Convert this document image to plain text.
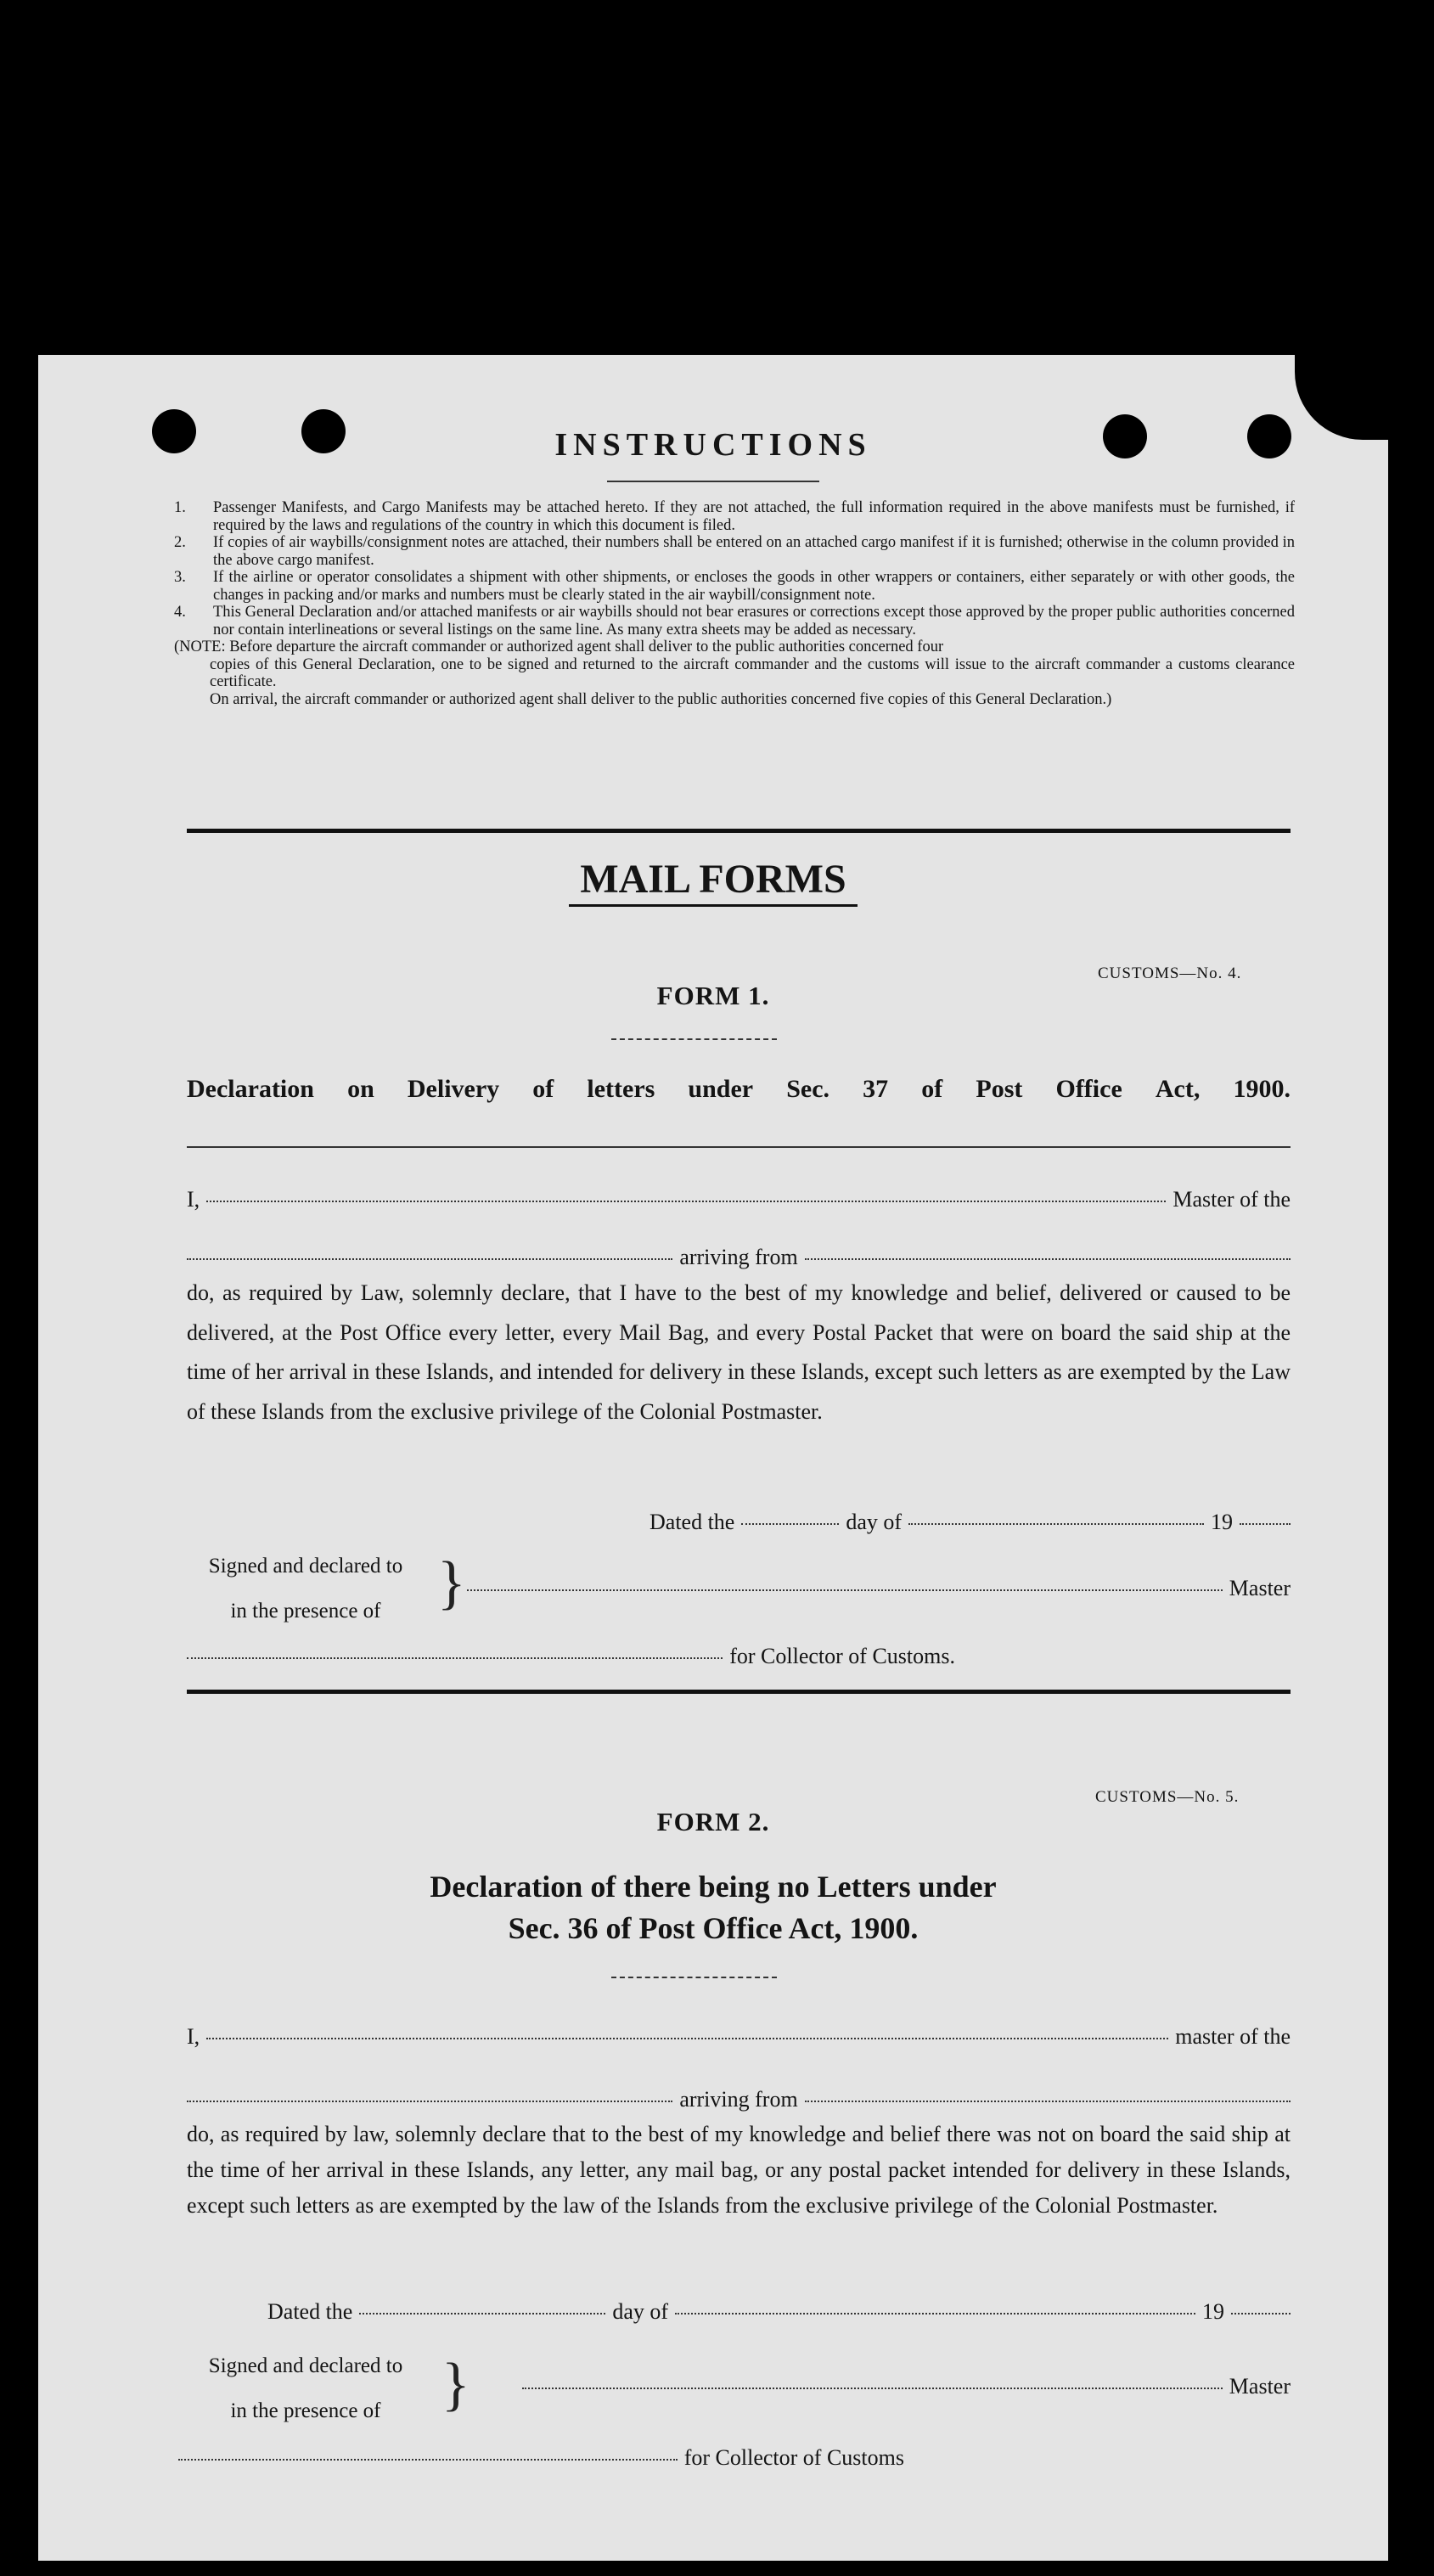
INSTRUCTIONS
1.	Passenger Manifests, and Cargo Manifests may be attached hereto. If they are not attached, the full information required in the above manifests must be furnished, if required by the laws and regulations of the country in which this document is filed.
2.	If copies of air waybills/consignment notes are attached, their numbers shall be entered on an attached cargo manifest if it is furnished; otherwise in the column provided in the above cargo manifest.
3.	If the airline or operator consolidates a shipment with other shipments, or encloses the goods in other wrappers or containers, either separately or with other goods, the changes in packing and/or marks and numbers must be clearly stated in the air waybill/consignment note.
4.	This General Declaration and/or attached manifests or air waybills should not bear erasures or corrections except those approved by the proper public authorities concerned nor contain interlineations or several listings on the same line. As many extra sheets may be added as necessary.
(NOTE: Before departure the aircraft commander or authorized agent shall deliver to the public authorities concerned four
copies of this General Declaration, one to be signed and returned to the aircraft commander and the customs will issue to the aircraft commander a customs clearance certificate.
On arrival, the aircraft commander or authorized agent shall deliver to the public authorities concerned five copies of this General Declaration.)
MAIL FORMS
CUSTOMS—No. 4.
FORM 1.
Declaration on Delivery of letters under Sec. 37 of Post Office Act, 1900.
I,	Master of the
arriving from
do, as required by Law, solemnly declare, that I have to the best of my knowledge and belief, delivered or caused to be delivered, at the Post Office every letter, every Mail Bag, and every Postal Packet that were on board the said ship at the time of her arrival in these Islands, and intended for delivery in these Islands, except such letters as are exempted by the Law of these Islands from the exclusive privilege of the Colonial Postmaster.
Dated the	day of	19
Signed and declared to
in the presence of }	Master
for Collector of Customs.
CUSTOMS—No. 5.
FORM 2.
Declaration of there being no Letters under
Sec. 36 of Post Office Act, 1900.
I,	master of the
arriving from
do, as required by law, solemnly declare that to the best of my knowledge and belief there was not on board the said ship at the time of her arrival in these Islands, any letter, any mail bag, or any postal packet intended for delivery in these Islands, except such letters as are exempted by the law of the Islands from the exclusive privilege of the Colonial Postmaster.
Dated the	day of	19
Signed and declared to
in the presence of	}	Master
for Collector of Customs
